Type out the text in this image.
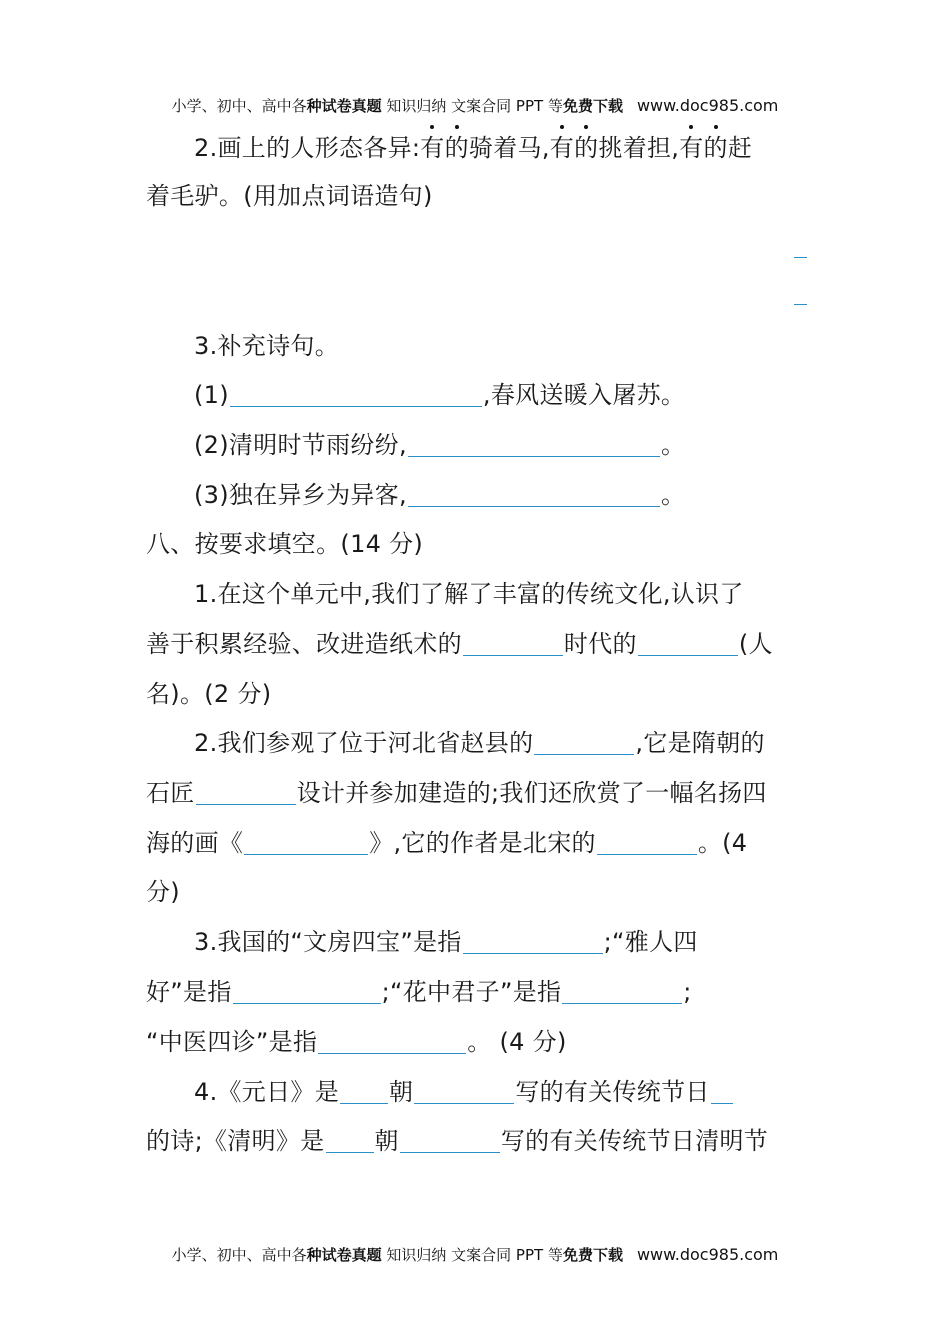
小学、初中、高中各种试卷真题 知识归纳 文案合同 PPT 等免费下载 www.doc985.com
2.画上的人形态各异:有的骑着马,有的挑着担,有的赶
着毛驴。(用加点词语造句)
3.补充诗句。
(1)	,春风送暖入屠苏。
(2)清明时节雨纷纷,	。
(3)独在异乡为异客,	。
八、按要求填空。(14 分)
1.在这个单元中,我们了解了丰富的传统文化,认识了
善于积累经验、改进造纸术的	时代的	(人
名)。(2 分)
2.我们参观了位于河北省赵县的	,它是隋朝的
石匠	设计并参加建造的;我们还欣赏了一幅名扬四
海的画《	》,它的作者是北宋的	。(4
分)
3.我国的“文房四宝”是指	;“雅人四
好”是指	;“花中君子”是指	;
“中医四诊”是指	。 (4 分)
4.《元日》是 朝	写的有关传统节日
的诗;《清明》是 朝	写的有关传统节日清明节
小学、初中、高中各种试卷真题 知识归纳 文案合同 PPT 等免费下载 www.doc985.com
